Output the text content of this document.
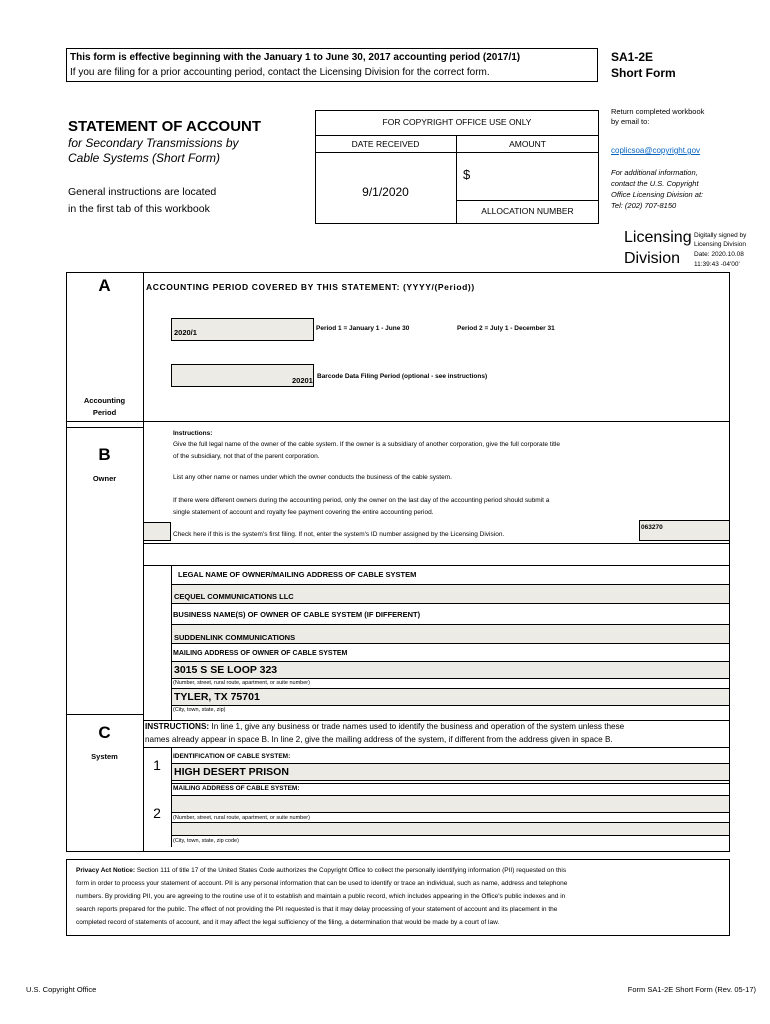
This form is effective beginning with the January 1 to June 30, 2017 accounting period (2017/1)
If you are filing for a prior accounting period, contact the Licensing Division for the correct form.
SA1-2E
Short Form
STATEMENT OF ACCOUNT
for Secondary Transmissions by
Cable Systems (Short Form)
General instructions are located
in the first tab of this workbook
FOR COPYRIGHT OFFICE USE ONLY
DATE RECEIVED	AMOUNT
9/1/2020
$
ALLOCATION NUMBER
Return completed workbook
by email to:
coplicsoa@copyright.gov
For additional information,
contact the U.S. Copyright
Office Licensing Division at:
Tel: (202) 707-8150
Licensing
Division
Digitally signed by
Licensing Division
Date: 2020.10.08
11:39:43 -04'00'
A
Accounting
Period
ACCOUNTING PERIOD COVERED BY THIS STATEMENT: (YYYY/(Period))
2020/1	Period 1 = January 1 - June 30	Period 2 = July 1 - December 31
20201 Barcode Data Filing Period (optional - see instructions)
B
Owner
Instructions:
Give the full legal name of the owner of the cable system. If the owner is a subsidiary of another corporation, give the full corporate title
of the subsidiary, not that of the parent corporation.
List any other name or names under which the owner conducts the business of the cable system.
If there were different owners during the accounting period, only the owner on the last day of the accounting period should submit a
single statement of account and royalty fee payment covering the entire accounting period.
Check here if this is the system's first filing. If not, enter the system's ID number assigned by the Licensing Division.
063270
LEGAL NAME OF OWNER/MAILING ADDRESS OF CABLE SYSTEM
CEQUEL COMMUNICATIONS LLC
BUSINESS NAME(S) OF OWNER OF CABLE SYSTEM (IF DIFFERENT)
SUDDENLINK COMMUNICATIONS
MAILING ADDRESS OF OWNER OF CABLE SYSTEM
3015 S SE LOOP 323
(Number, street, rural route, apartment, or suite number)
TYLER, TX 75701
(City, town, state, zip)
C
System
INSTRUCTIONS: In line 1, give any business or trade names used to identify the business and operation of the system unless these
names already appear in space B. In line 2, give the mailing address of the system, if different from the address given in space B.
1
IDENTIFICATION OF CABLE SYSTEM:
HIGH DESERT PRISON
MAILING ADDRESS OF CABLE SYSTEM:
2	(Number, street, rural route, apartment, or suite number)
(City, town, state, zip code)
Privacy Act Notice: Section 111 of title 17 of the United States Code authorizes the Copyright Office to collect the personally identifying information (PII) requested on this
form in order to process your statement of account. PII is any personal information that can be used to identify or trace an individual, such as name, address and telephone
numbers. By providing PII, you are agreeing to the routine use of it to establish and maintain a public record, which includes appearing in the Office's public indexes and in
search reports prepared for the public. The effect of not providing the PII requested is that it may delay processing of your statement of account and its placement in the
completed record of statements of account, and it may affect the legal sufficiency of the filing, a determination that would be made by a court of law.
U.S. Copyright Office	Form SA1-2E Short Form (Rev. 05-17)
